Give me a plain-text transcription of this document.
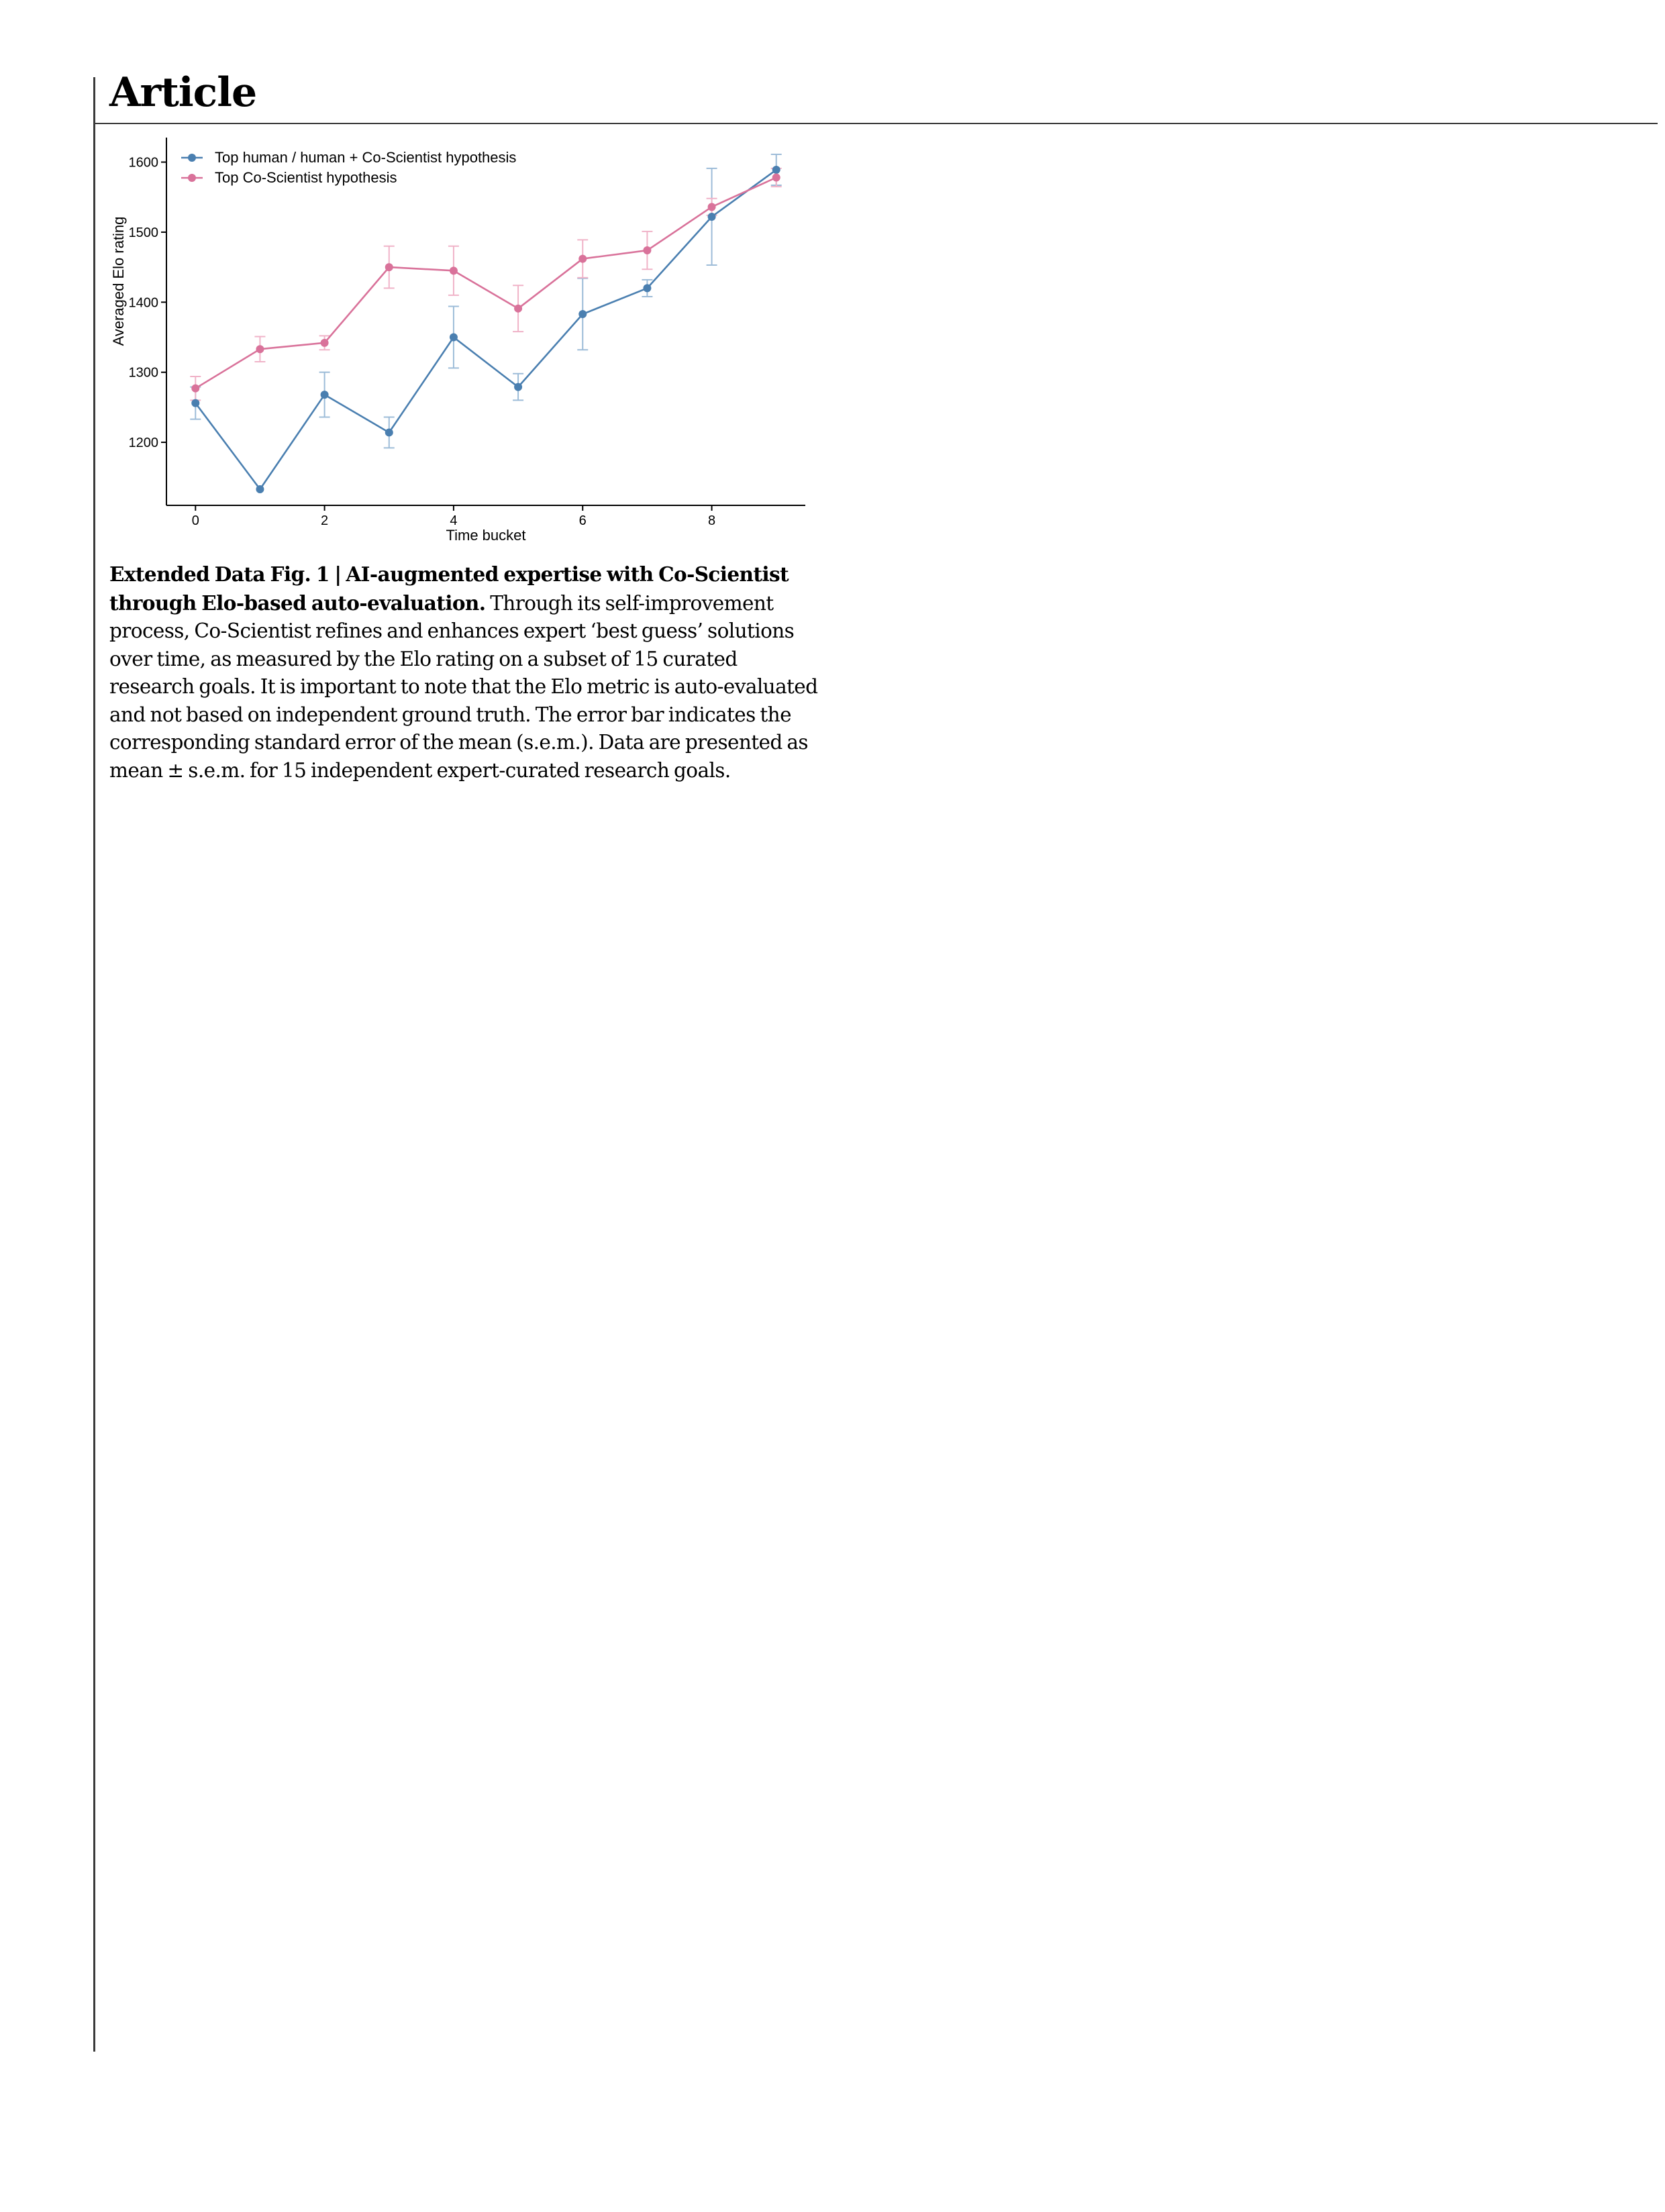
Article
1200
1300
1400
1500
1600
0	2	4	6	8
Top human / human + Co-Scientist hypothesis
Top Co-Scientist hypothesis
Time bucket
Averaged Elo rating
Extended Data Fig. 1 | AI-augmented expertise with Co-Scientist through Elo-based auto-evaluation. Through its self-improvement process, Co-Scientist refines and enhances expert ‘best guess’ solutions over time, as measured by the Elo rating on a subset of 15 curated research goals. It is important to note that the Elo metric is auto-evaluated and not based on independent ground truth. The error bar indicates the corresponding standard error of the mean (s.e.m.). Data are presented as mean ± s.e.m. for 15 independent expert-curated research goals.
